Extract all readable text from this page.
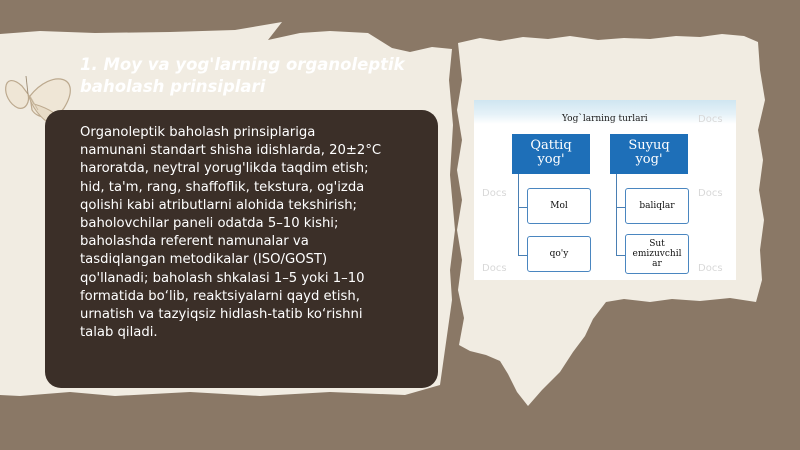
1. Moy va yog'larning organoleptik
baholash prinsiplari
Organoleptik baholash prinsiplariga
namunani standart shisha idishlarda, 20±2°C
haroratda, neytral yorug'likda taqdim etish;
hid, ta'm, rang, shaffoflik, tekstura, og'izda
qolishi kabi atributlarni alohida tekshirish;
baholovchilar paneli odatda 5–10 kishi;
baholashda referent namunalar va
tasdiqlangan metodikalar (ISO/GOST)
qo'llanadi; baholash shkalasi 1–5 yoki 1–10
formatida bo‘lib, reaktsiyalarni qayd etish,
urnatish va tazyiqsiz hidlash-tatib ko‘rishni
talab qiladi.
Yog`larning turlari
Docs	Docs
Docs
Docs	Docs
Qattiq
yog'
Mol
qo'y
Suyuq
yog'
baliqlar
Sut
emizuvchil
ar
